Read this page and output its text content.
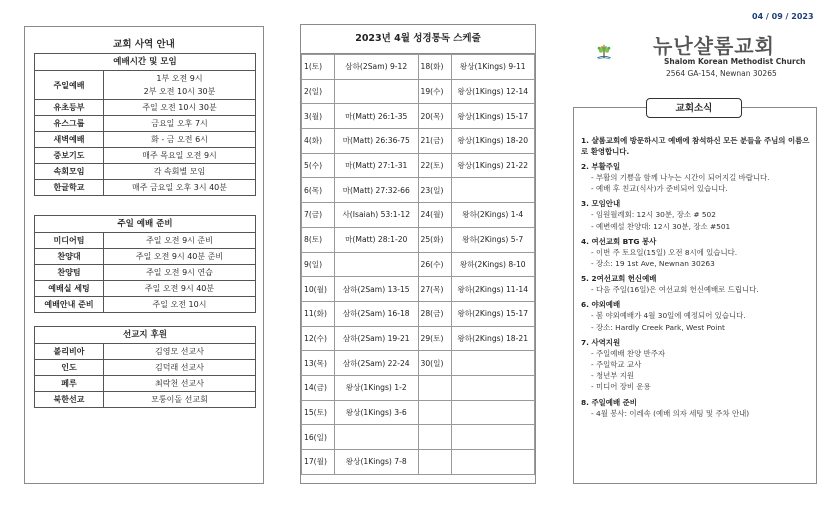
교회 사역 안내
예배시간 및 모임
주일예배	1부 오전 9시
2부 오전 10시 30분

유초등부	주일 오전 10시 30분
유스그룹	금요일 오후 7시
새벽예배	화 - 금 오전 6시
중보기도	매주 목요일 오전 9시
속회모임	각 속회별 모임
한글학교	매주 금요일 오후 3시 40분
주일 예배 준비
미디어팀	주일 오전 9시 준비
찬양대	주일 오전 9시 40분 준비
찬양팀	주일 오전 9시 연습
예배실 세팅	주일 오전 9시 40분
예배안내 준비	주일 오전 10시
선교지 후원
볼리비아	김영모 선교사
인도	김덕래 선교사
페루	최락천 선교사
북한선교	모퉁이돌 선교회
2023년 4월 성경통독 스케줄
1(토)	삼하(2Sam) 9-12	18(화)	왕상(1Kings) 9-11
2(일)		19(수)	왕상(1Kings) 12-14
3(월)	마(Matt) 26:1-35	20(목)	왕상(1Kings) 15-17
4(화)	마(Matt) 26:36-75	21(금)	왕상(1Kings) 18-20
5(수)	마(Matt) 27:1-31	22(토)	왕상(1Kings) 21-22
6(목)	마(Matt) 27:32-66	23(일)	
7(금)	사(Isaiah) 53:1-12	24(월)	왕하(2Kings) 1-4
8(토)	마(Matt) 28:1-20	25(화)	왕하(2Kings) 5-7
9(일)		26(수)	왕하(2Kings) 8-10
10(월)	삼하(2Sam) 13-15	27(목)	왕하(2Kings) 11-14
11(화)	삼하(2Sam) 16-18	28(금)	왕하(2Kings) 15-17
12(수)	삼하(2Sam) 19-21	29(토)	왕하(2Kings) 18-21
13(목)	삼하(2Sam) 22-24	30(일)	
14(금)	왕상(1Kings) 1-2		
15(토)	왕상(1Kings) 3-6		
16(일)			
17(월)	왕상(1Kings) 7-8		
04 / 09 / 2023
뉴난샬롬교회
Shalom Korean Methodist Church
2564 GA-154, Newnan 30265
교회소식
1. 샬롬교회에 방문하시고 예배에 참석하신 모든 분들을 주님의 이름으로 환영합니다.
2. 부활주일
- 부활의 기쁨을 함께 나누는 시간이 되어지길 바랍니다.
- 예배 후 친교(식사)가 준비되어 있습니다.
3. 모임안내
- 임원월례회: 12시 30분, 장소 # 502
- 예변예설 찬양대: 12시 30분, 장소 #501
4. 여선교회 BTG 봉사
- 이번 주 토요일(15일) 오전 8시에 있습니다.
- 장소: 19 1st Ave, Newnan 30263
5. 2여선교회 헌신예배
- 다음 주일(16일)은 여선교회 헌신예배로 드립니다.
6. 야외예배
- 봄 야외예배가 4월 30일에 예정되어 있습니다.
- 장소: Hardly Creek Park, West Point
7. 사역지원
- 주일예배 찬양 반주자
- 주일학교 교사
- 청년부 지원
- 미디어 장비 운용
8. 주일예배 준비
- 4월 봉사: 이레속 (예배 의자 세팅 및 주차 안내)
